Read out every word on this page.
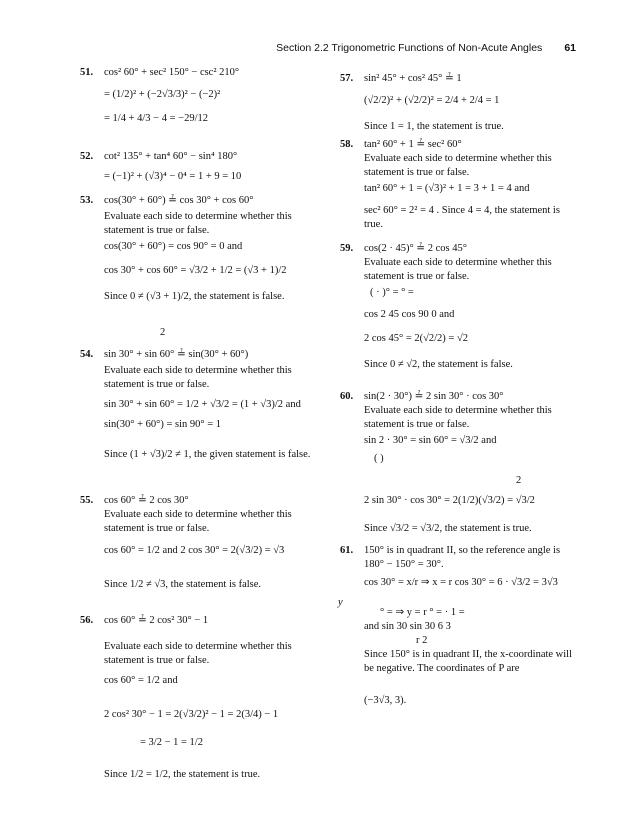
Section 2.2 Trigonometric Functions of Non-Acute Angles 61
51. cos² 60° + sec² 150° − csc² 210°
= (1/2)² + (−2√3/3)² − (−2)²
= 1/4 + 4/3 − 4 = −29/12
52. cot² 135° + tan⁴ 60° − sin⁴ 180°
= (−1)² + (√3)⁴ − 0⁴ = 1 + 9 = 10
53. cos(30° + 60°) ≟ cos 30° + cos 60°
Evaluate each side to determine whether this statement is true or false.
cos(30° + 60°) = cos 90° = 0 and
cos 30° + cos 60° = √3/2 + 1/2 = (√3 + 1)/2
Since 0 ≠ (√3 + 1)/2, the statement is false.
2
54. sin 30° + sin 60° ≟ sin(30° + 60°)
Evaluate each side to determine whether this statement is true or false.
sin 30° + sin 60° = 1/2 + √3/2 = (1 + √3)/2 and
sin(30° + 60°) = sin 90° = 1
Since (1 + √3)/2 ≠ 1, the given statement is false.
55. cos 60° ≟ 2 cos 30°
Evaluate each side to determine whether this statement is true or false.
cos 60° = 1/2 and 2 cos 30° = 2(√3/2) = √3
Since 1/2 ≠ √3, the statement is false.
56. cos 60° ≟ 2 cos² 30° − 1
Evaluate each side to determine whether this statement is true or false.
cos 60° = 1/2 and
2 cos² 30° − 1 = 2(√3/2)² − 1 = 2(3/4) − 1
= 3/2 − 1 = 1/2
Since 1/2 = 1/2, the statement is true.
57. sin² 45° + cos² 45° ≟ 1
(√2/2)² + (√2/2)² = 2/4 + 2/4 = 1
Since 1 = 1, the statement is true.
58. tan² 60° + 1 ≟ sec² 60°
Evaluate each side to determine whether this statement is true or false.
tan² 60° + 1 = (√3)² + 1 = 3 + 1 = 4 and
sec² 60° = 2² = 4 . Since 4 = 4, the statement is true.
59. cos(2 · 45)° ≟ 2 cos 45°
Evaluate each side to determine whether this statement is true or false.
( · )° = ° =
cos 2 45 cos 90 0 and
2 cos 45° = 2(√2/2) = √2
Since 0 ≠ √2, the statement is false.
60. sin(2 · 30°) ≟ 2 sin 30° · cos 30°
Evaluate each side to determine whether this statement is true or false.
sin 2 · 30° = sin 60° = √3/2 and
( )
2
2 sin 30° · cos 30° = 2(1/2)(√3/2) = √3/2
Since √3/2 = √3/2, the statement is true.
61. 150° is in quadrant II, so the reference angle is 180° − 150° = 30°.
cos 30° = x/r ⇒ x = r cos 30° = 6 · √3/2 = 3√3
° = ⇒ y = r ° = · 1 =
and sin 30 sin 30 6 3
r 2
Since 150° is in quadrant II, the x-coordinate will be negative. The coordinates of P are
(−3√3, 3).
y
